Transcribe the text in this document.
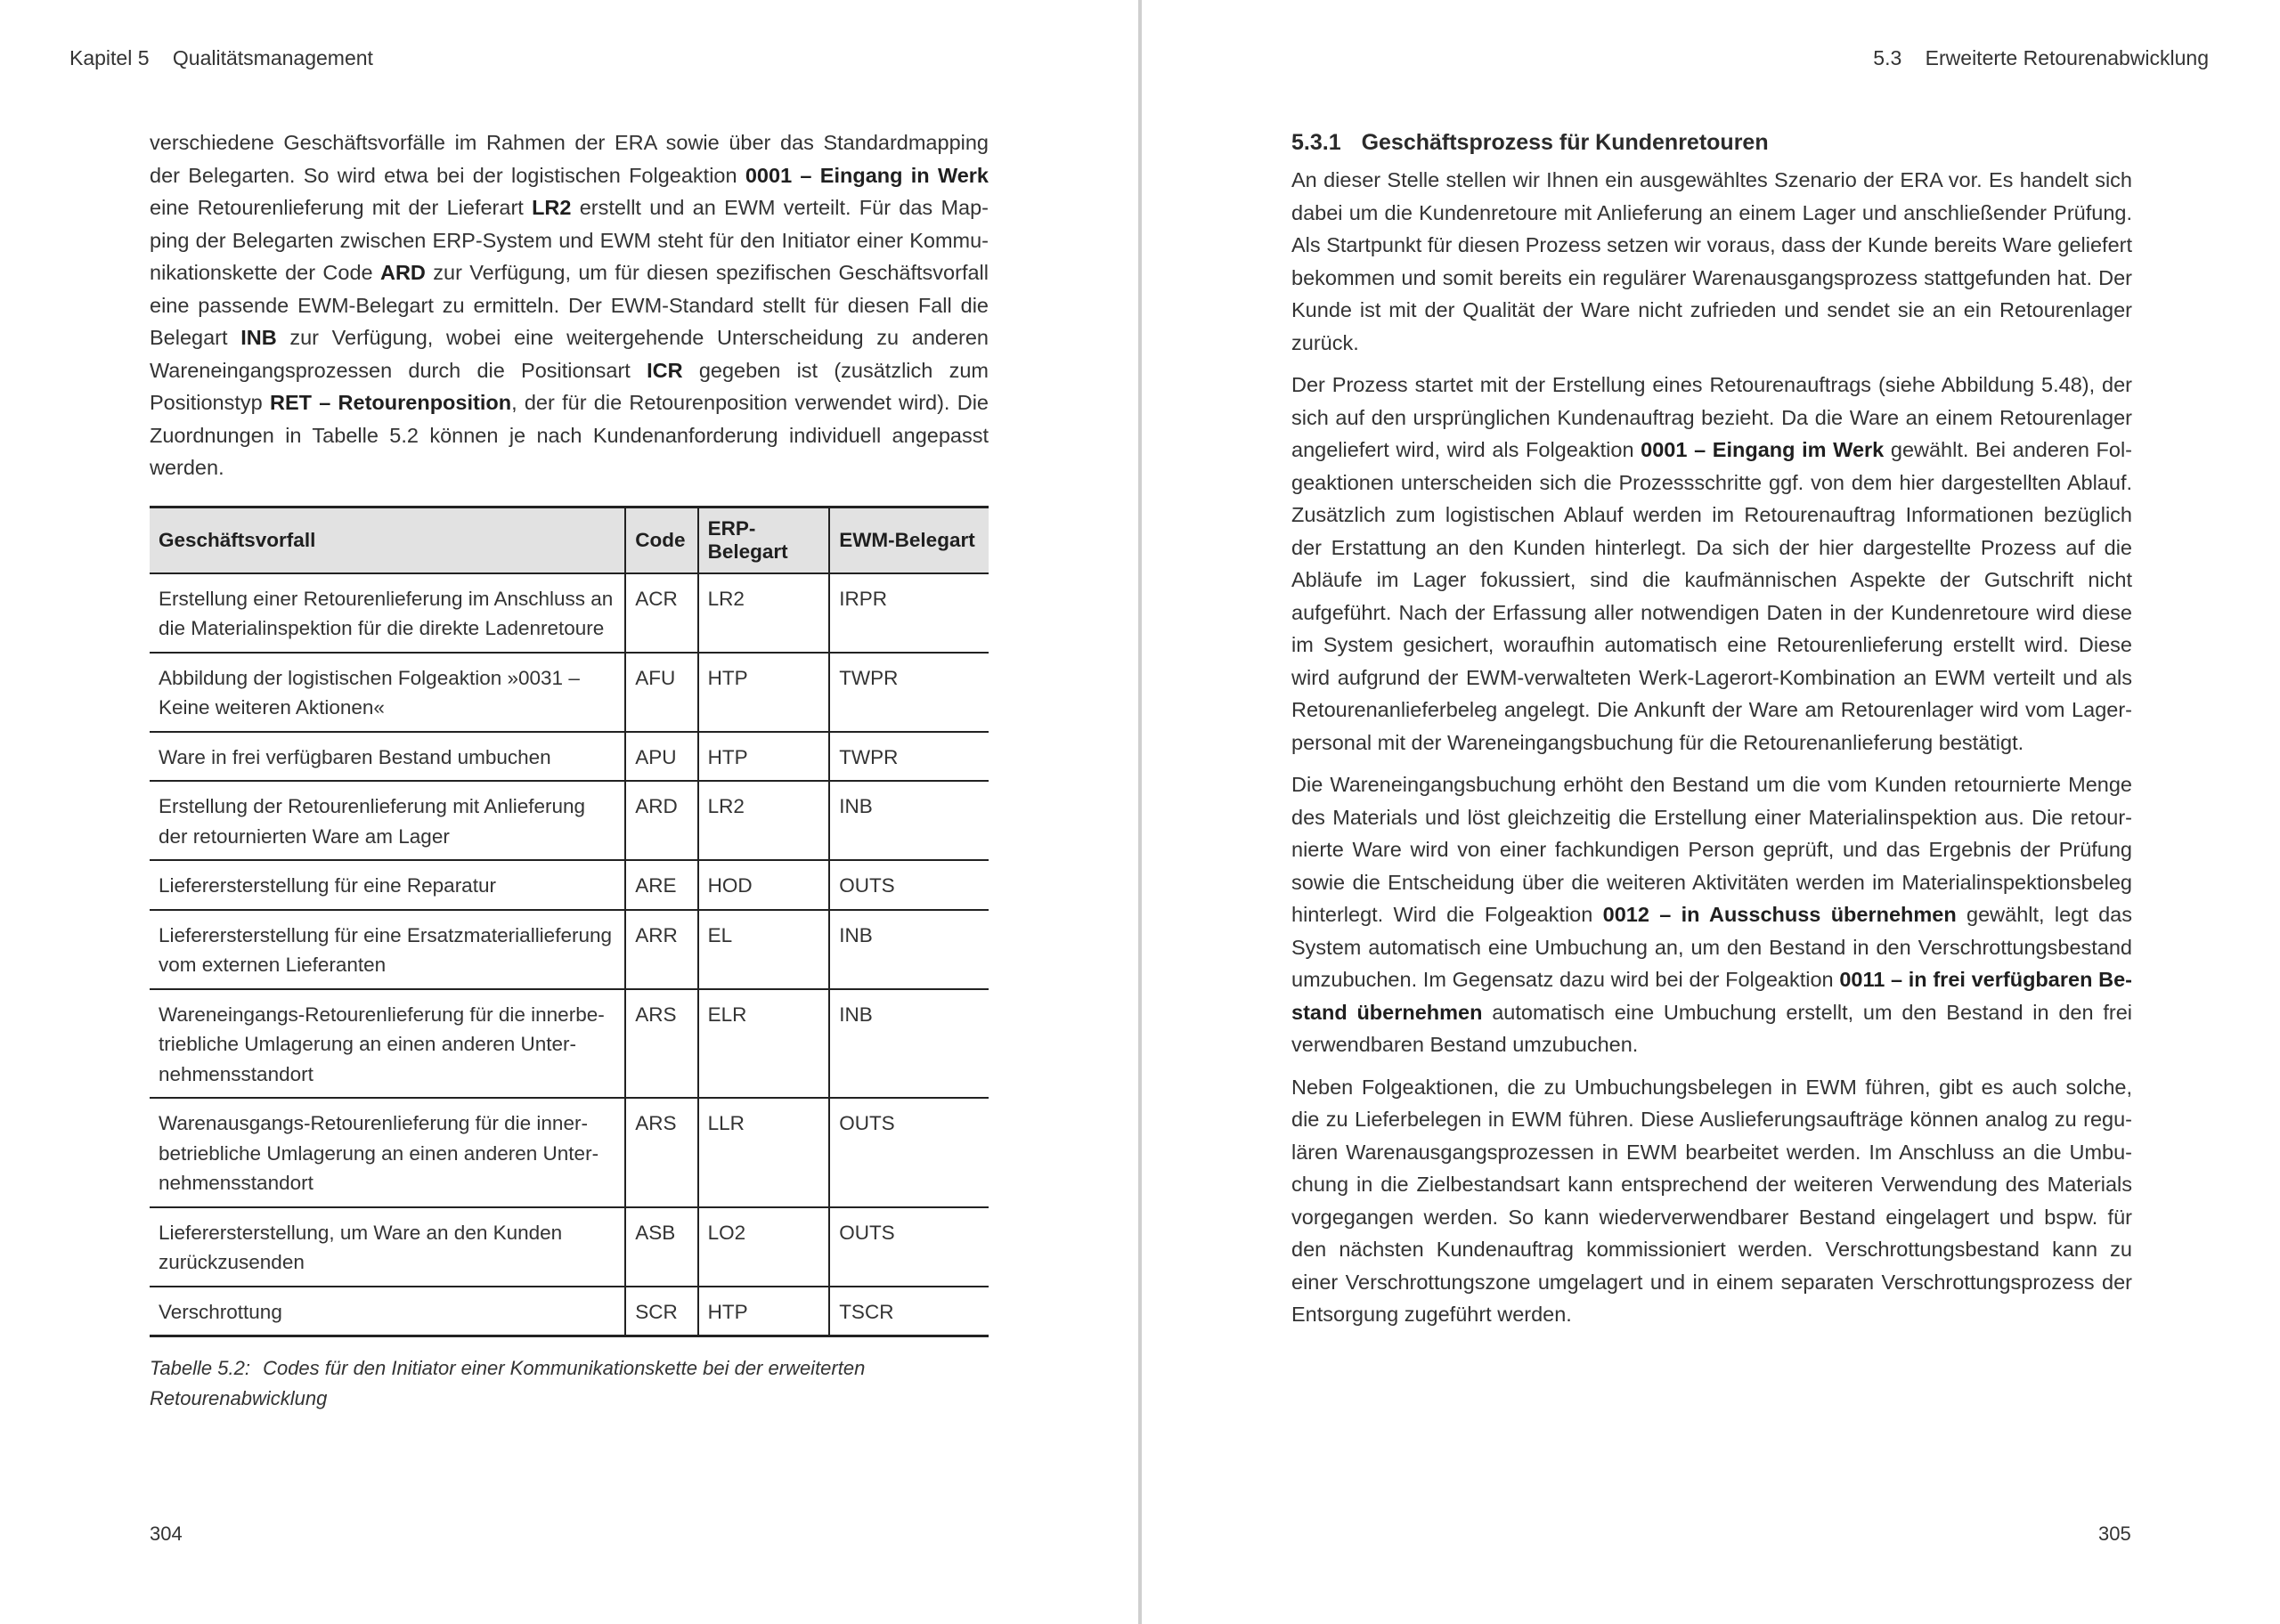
Kapitel 5 Qualitätsmanagement

verschiedene Geschäftsvorfälle im Rahmen der ERA sowie über das Standardmapping der Belegarten. So wird etwa bei der logistischen Folgeaktion 0001 – Eingang in Werk eine Retourenlieferung mit der Lieferart LR2 erstellt und an EWM verteilt. Für das Mapping der Belegarten zwischen ERP-System und EWM steht für den Initiator einer Kommunikationskette der Code ARD zur Verfügung, um für diesen spezifischen Geschäftsvorfall eine passende EWM-Belegart zu ermitteln. Der EWM-Standard stellt für diesen Fall die Belegart INB zur Verfügung, wobei eine weitergehende Unterscheidung zu anderen Wareneingangsprozessen durch die Positionsart ICR gegeben ist (zusätzlich zum Positionstyp RET – Retourenposition, der für die Retourenposition verwendet wird). Die Zuordnungen in Tabelle 5.2 können je nach Kundenanforderung individuell angepasst werden.

Geschäftsvorfall	Code	ERP-Belegart	EWM-Belegart
Erstellung einer Retourenlieferung im Anschluss an die Materialinspektion für die direkte Ladenretoure	ACR	LR2	IRPR
Abbildung der logistischen Folgeaktion »0031 – Keine weiteren Aktionen«	AFU	HTP	TWPR
Ware in frei verfügbaren Bestand umbuchen	APU	HTP	TWPR
Erstellung der Retourenlieferung mit Anlieferung der retournierten Ware am Lager	ARD	LR2	INB
Lieferersterstellung für eine Reparatur	ARE	HOD	OUTS
Lieferersterstellung für eine Ersatzmateriallieferung vom externen Lieferanten	ARR	EL	INB
Wareneingangs-Retourenlieferung für die innerbetriebliche Umlagerung an einen anderen Unternehmensstandort	ARS	ELR	INB
Warenausgangs-Retourenlieferung für die innerbetriebliche Umlagerung an einen anderen Unternehmensstandort	ARS	LLR	OUTS
Lieferersterstellung, um Ware an den Kunden zurückzusenden	ASB	LO2	OUTS
Verschrottung	SCR	HTP	TSCR
Tabelle 5.2: Codes für den Initiator einer Kommunikationskette bei der erweiterten Retourenabwicklung
304
5.3 Erweiterte Retourenabwicklung
5.3.1 Geschäftsprozess für Kundenretouren

An dieser Stelle stellen wir Ihnen ein ausgewähltes Szenario der ERA vor. Es handelt sich dabei um die Kundenretoure mit Anlieferung an einem Lager und anschließender Prüfung. Als Startpunkt für diesen Prozess setzen wir voraus, dass der Kunde bereits Ware geliefert bekommen und somit bereits ein regulärer Warenausgangsprozess stattgefunden hat. Der Kunde ist mit der Qualität der Ware nicht zufrieden und sendet sie an ein Retourenlager zurück.

Der Prozess startet mit der Erstellung eines Retourenauftrags (siehe Abbildung 5.48), der sich auf den ursprünglichen Kundenauftrag bezieht. Da die Ware an einem Retourenlager angeliefert wird, wird als Folgeaktion 0001 – Eingang im Werk gewählt. Bei anderen Folgeaktionen unterscheiden sich die Prozessschritte ggf. von dem hier dargestellten Ablauf. Zusätzlich zum logistischen Ablauf werden im Retourenauftrag Informationen bezüglich der Erstattung an den Kunden hinterlegt. Da sich der hier dargestellte Prozess auf die Abläufe im Lager fokussiert, sind die kaufmännischen Aspekte der Gutschrift nicht aufgeführt. Nach der Erfassung aller notwendigen Daten in der Kundenretoure wird diese im System gesichert, woraufhin automatisch eine Retourenlieferung erstellt wird. Diese wird aufgrund der EWM-verwalteten Werk-Lagerort-Kombination an EWM verteilt und als Retourenanlieferbeleg angelegt. Die Ankunft der Ware am Retourenlager wird vom Lagerpersonal mit der Wareneingangsbuchung für die Retourenanlieferung bestätigt.

Die Wareneingangsbuchung erhöht den Bestand um die vom Kunden retournierte Menge des Materials und löst gleichzeitig die Erstellung einer Materialinspektion aus. Die retournierte Ware wird von einer fachkundigen Person geprüft, und das Ergebnis der Prüfung sowie die Entscheidung über die weiteren Aktivitäten werden im Materialinspektionsbeleg hinterlegt. Wird die Folgeaktion 0012 – in Ausschuss übernehmen gewählt, legt das System automatisch eine Umbuchung an, um den Bestand in den Verschrottungsbestand umzubuchen. Im Gegensatz dazu wird bei der Folgeaktion 0011 – in frei verfügbaren Bestand übernehmen automatisch eine Umbuchung erstellt, um den Bestand in den frei verwendbaren Bestand umzubuchen.

Neben Folgeaktionen, die zu Umbuchungsbelegen in EWM führen, gibt es auch solche, die zu Lieferbelegen in EWM führen. Diese Auslieferungsaufträge können analog zu regulären Warenausgangsprozessen in EWM bearbeitet werden. Im Anschluss an die Umbuchung in die Zielbestandsart kann entsprechend der weiteren Verwendung des Materials vorgegangen werden. So kann wiederverwendbarer Bestand eingelagert und bspw. für den nächsten Kundenauftrag kommissioniert werden. Verschrottungsbestand kann zu einer Verschrottungszone umgelagert und in einem separaten Verschrottungsprozess der Entsorgung zugeführt werden.

305
